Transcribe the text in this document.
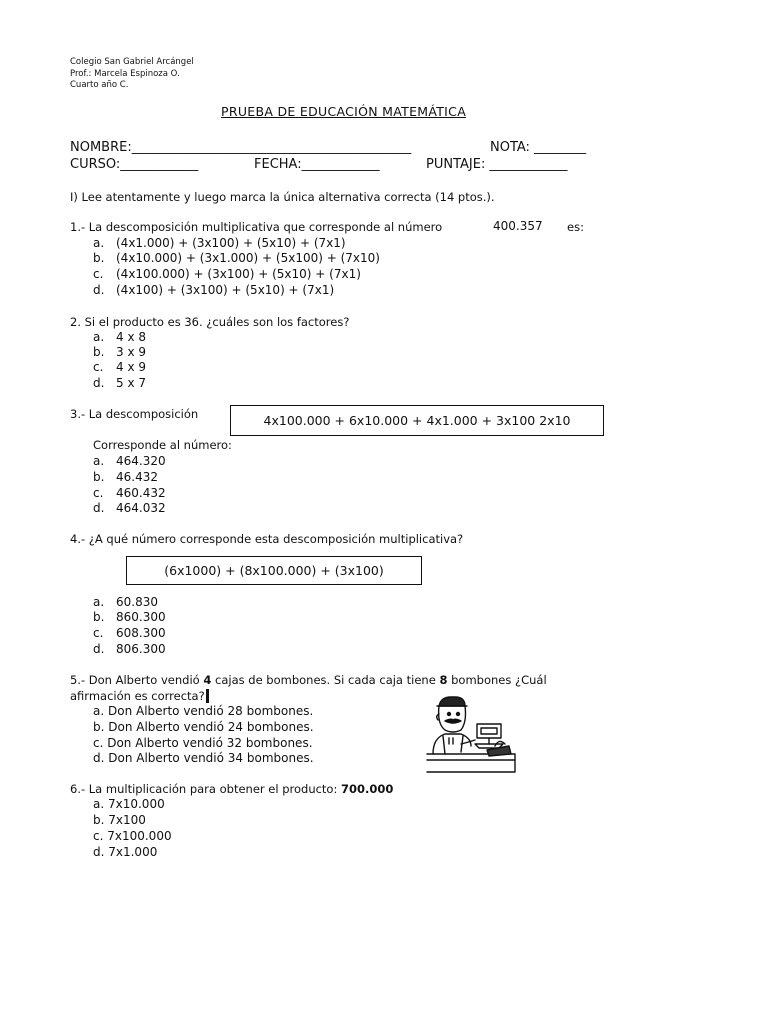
Colegio San Gabriel Arcángel
Prof.: Marcela Espinoza O.
Cuarto año C.
PRUEBA DE EDUCACIÓN MATEMÁTICA
NOMBRE:___________________________________________	NOTA: ________
CURSO:____________	FECHA:____________	PUNTAJE: ____________
I) Lee atentamente y luego marca la única alternativa correcta (14 ptos.).
1.- La descomposición multiplicativa que corresponde al número	400.357 es:
a. (4x1.000) + (3x100) + (5x10) + (7x1)
b. (4x10.000) + (3x1.000) + (5x100) + (7x10)
c. (4x100.000) + (3x100) + (5x10) + (7x1)
d. (4x100) + (3x100) + (5x10) + (7x1)
2. Si el producto es 36. ¿cuáles son los factores?
a. 4 x 8
b. 3 x 9
c. 4 x 9
d. 5 x 7
3.- La descomposición	4x100.000 + 6x10.000 + 4x1.000 + 3x100 2x10
Corresponde al número:
a. 464.320
b. 46.432
c. 460.432
d. 464.032
4.- ¿A qué número corresponde esta descomposición multiplicativa?
(6x1000) + (8x100.000) + (3x100)
a. 60.830
b. 860.300
c. 608.300
d. 806.300
5.- Don Alberto vendió 4 cajas de bombones. Si cada caja tiene 8 bombones ¿Cuál
afirmación es correcta?
a. Don Alberto vendió 28 bombones.
b. Don Alberto vendió 24 bombones.
c. Don Alberto vendió 32 bombones.
d. Don Alberto vendió 34 bombones.
6.- La multiplicación para obtener el producto: 700.000
a. 7x10.000
b. 7x100
c. 7x100.000
d. 7x1.000
